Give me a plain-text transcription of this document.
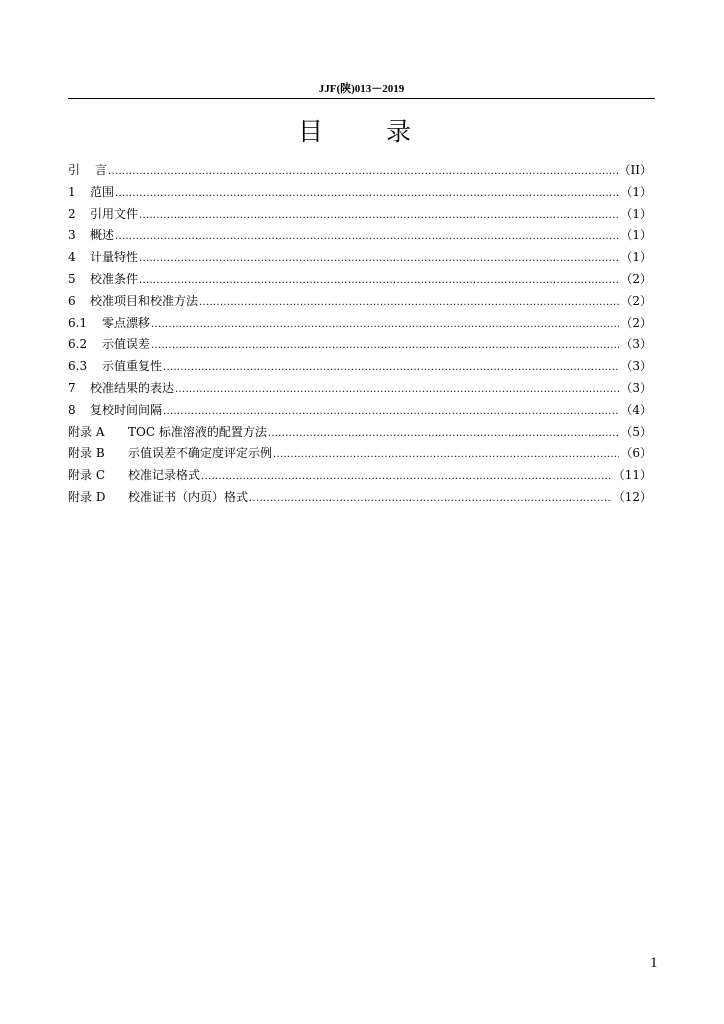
JJF(陕)013－2019
目	录
引	言 .....	（II）
1	范围 .....	（1）
2	引用文件 .....	（1）
3	概述 .....	（1）
4	计量特性 .....	（1）
5	校准条件 .....	（2）
6	校准项目和校准方法 .....	（2）
6.1	零点漂移 .....	（2）
6.2	示值误差 .....	（3）
6.3	示值重复性 .....	（3）
7	校准结果的表达 .....	（3）
8	复校时间间隔 .....	（4）
附录 A	TOC 标准溶液的配置方法 .....	（5）
附录 B	示值误差不确定度评定示例 .....	（6）
附录 C	校准记录格式 .....	（11）
附录 D	校准证书（内页）格式 .....	（12）
1
